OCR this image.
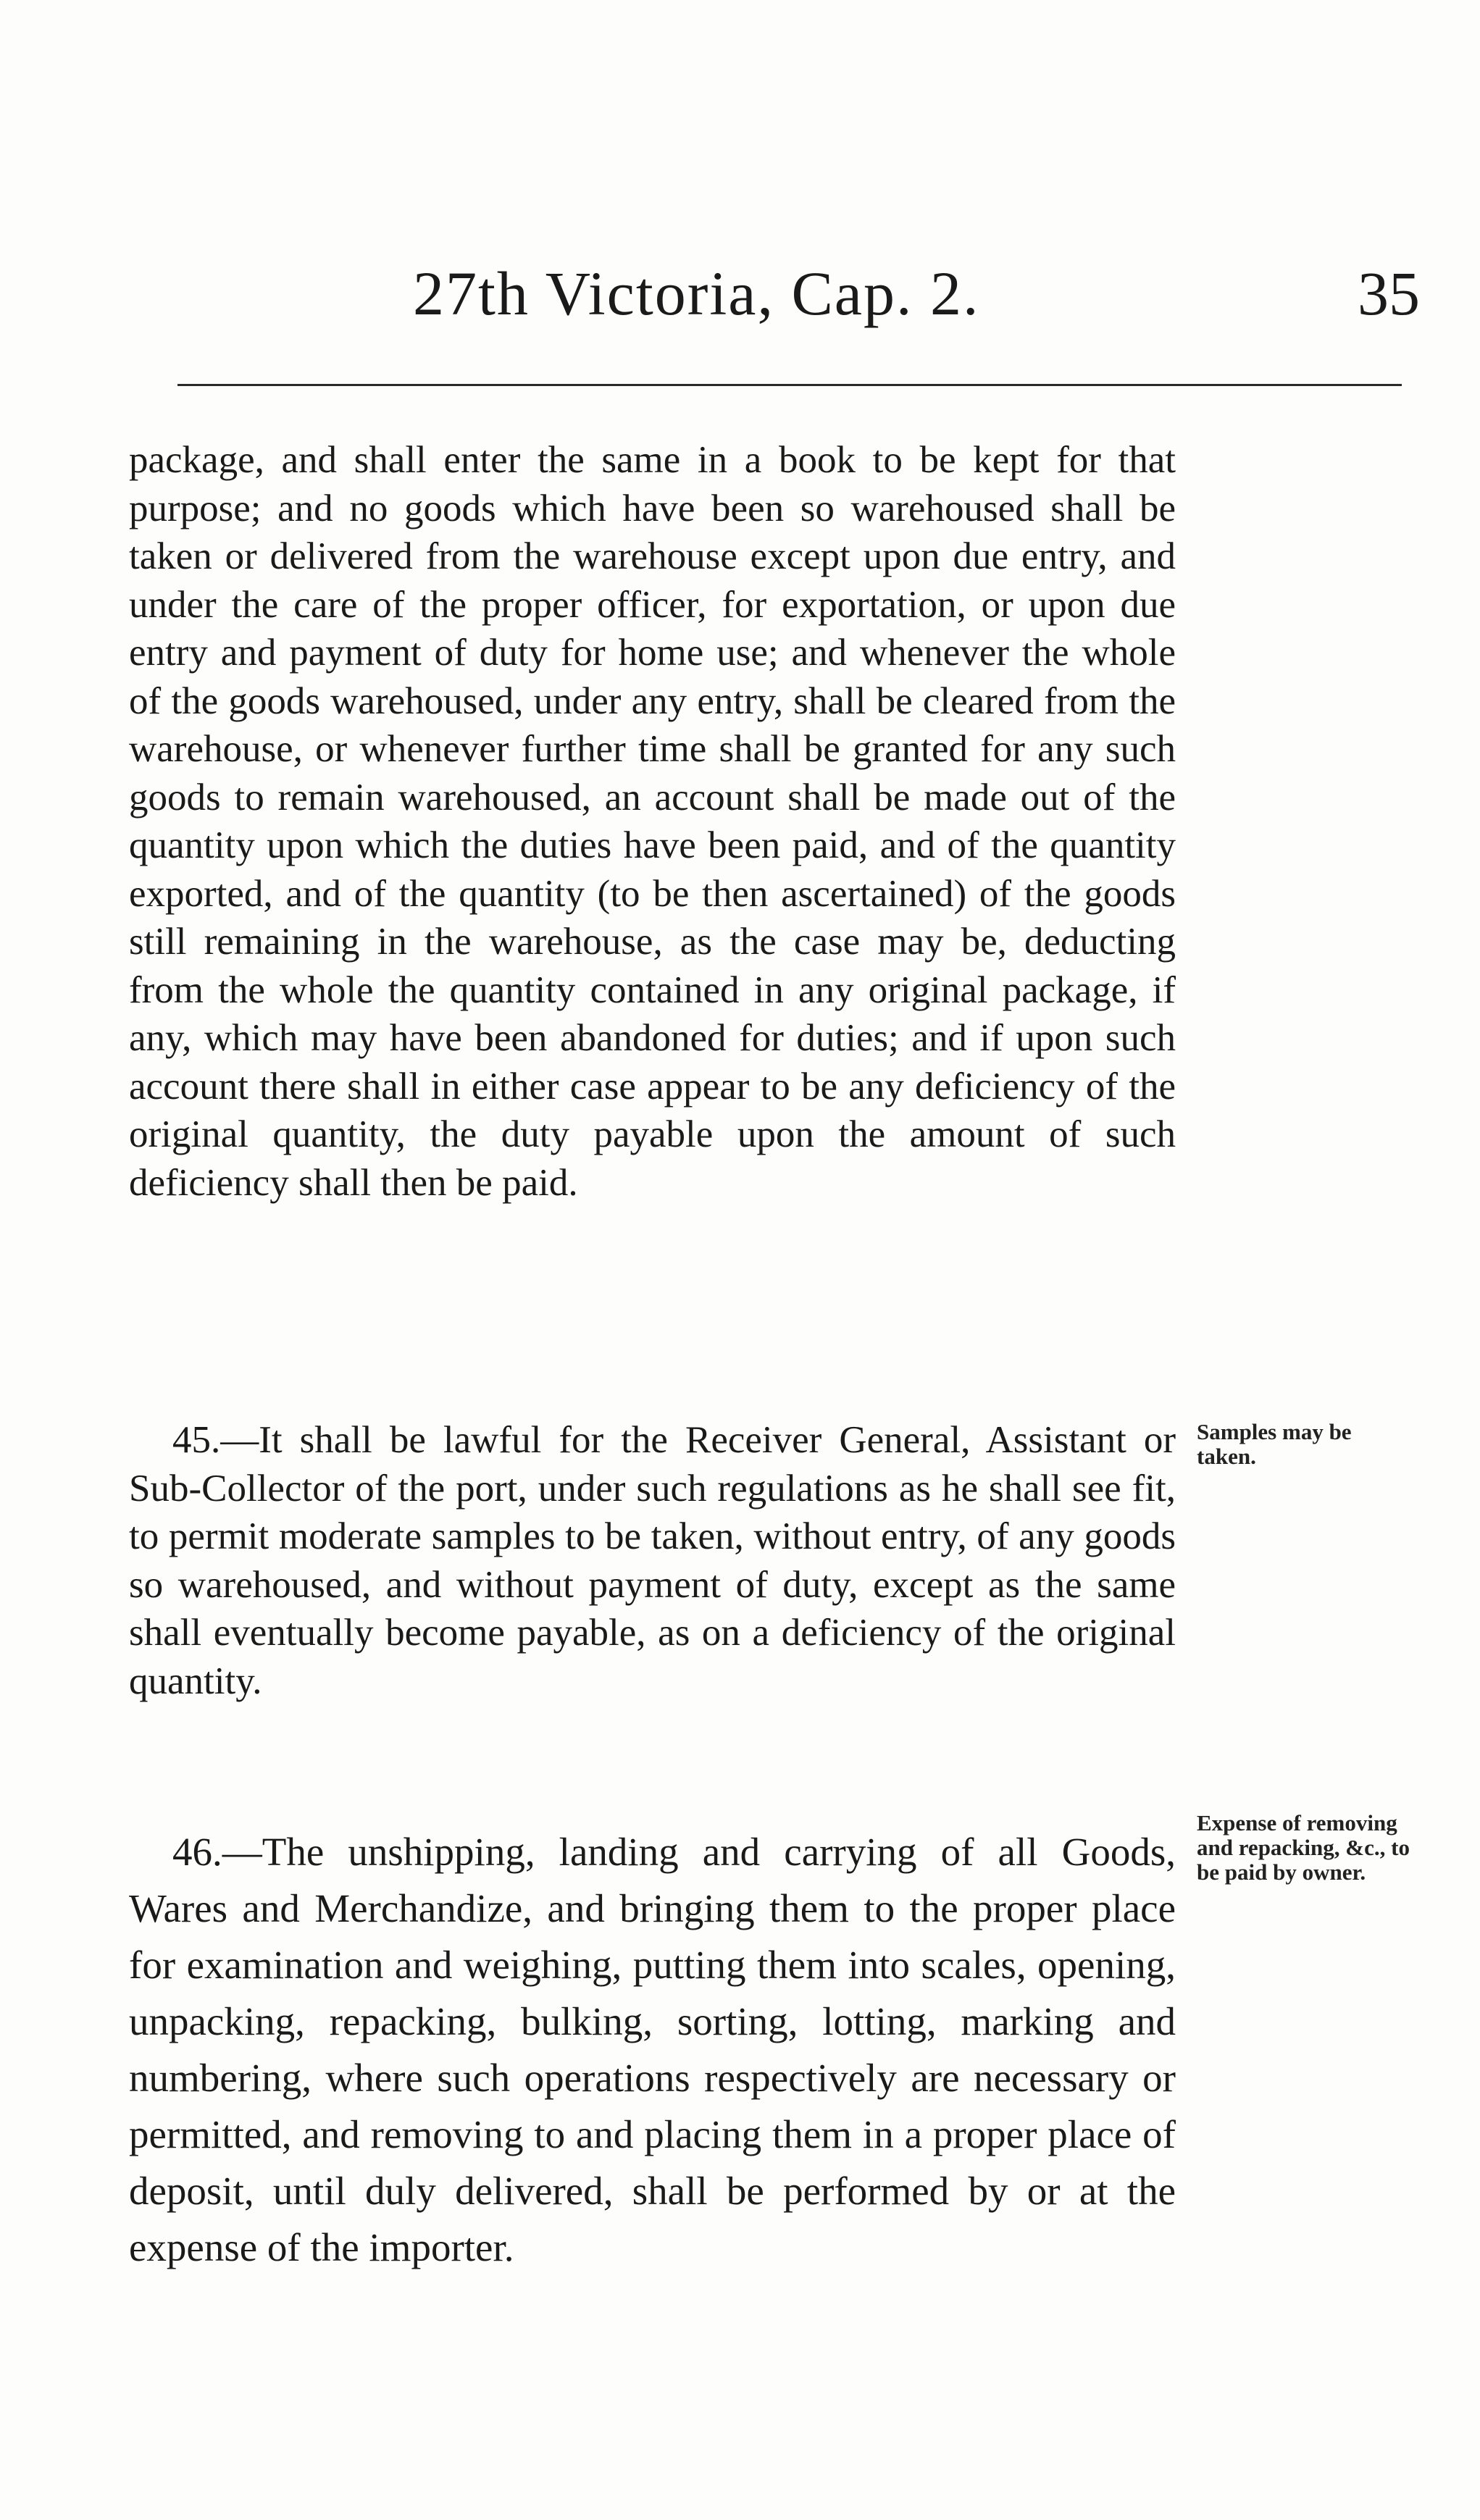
27th Victoria, Cap. 2.	35

package, and shall enter the same in a book to be kept for that purpose; and no goods which have been so warehoused shall be taken or delivered from the warehouse except upon due entry, and under the care of the proper officer, for exportation, or upon due entry and payment of duty for home use; and whenever the whole of the goods warehoused, under any entry, shall be cleared from the warehouse, or whenever further time shall be granted for any such goods to remain warehoused, an account shall be made out of the quantity upon which the duties have been paid, and of the quantity exported, and of the quantity (to be then ascertained) of the goods still remaining in the warehouse, as the case may be, deducting from the whole the quantity contained in any original package, if any, which may have been abandoned for duties; and if upon such account there shall in either case appear to be any deficiency of the original quantity, the duty payable upon the amount of such deficiency shall then be paid.

45.—It shall be lawful for the Receiver General, Assistant or Sub-Collector of the port, under such regulations as he shall see fit, to permit moderate samples to be taken, without entry, of any goods so warehoused, and without payment of duty, except as the same shall eventually become payable, as on a deficiency of the original quantity.

Samples may be taken.

46.—The unshipping, landing and carrying of all Goods, Wares and Merchandize, and bringing them to the proper place for examination and weighing, putting them into scales, opening, unpacking, repacking, bulking, sorting, lotting, marking and numbering, where such operations respectively are necessary or permitted, and removing to and placing them in a proper place of deposit, until duly delivered, shall be performed by or at the expense of the importer.

Expense of removing and repacking, &c., to be paid by owner.
